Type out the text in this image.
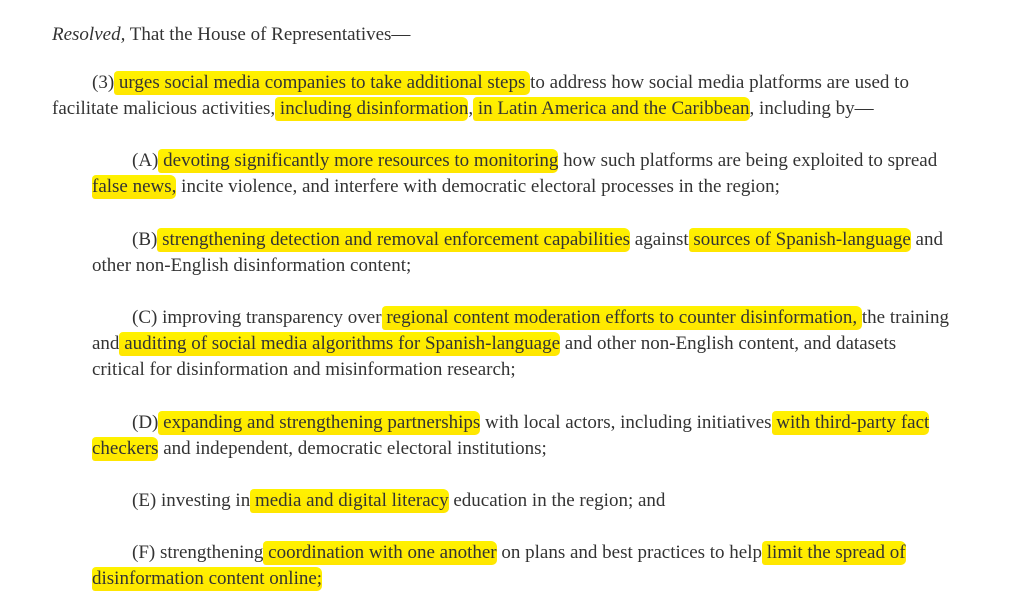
Resolved, That the House of Representatives—
(3) urges social media companies to take additional steps to address how social media platforms are used to
facilitate malicious activities, including disinformation, in Latin America and the Caribbean, including by—
(A) devoting significantly more resources to monitoring how such platforms are being exploited to spread
false news, incite violence, and interfere with democratic electoral processes in the region;
(B) strengthening detection and removal enforcement capabilities against sources of Spanish-language and
other non-English disinformation content;
(C) improving transparency over regional content moderation efforts to counter disinformation, the training
and auditing of social media algorithms for Spanish-language and other non-English content, and datasets
critical for disinformation and misinformation research;
(D) expanding and strengthening partnerships with local actors, including initiatives with third-party fact
checkers and independent, democratic electoral institutions;
(E) investing in media and digital literacy education in the region; and
(F) strengthening coordination with one another on plans and best practices to help limit the spread of
disinformation content online;
